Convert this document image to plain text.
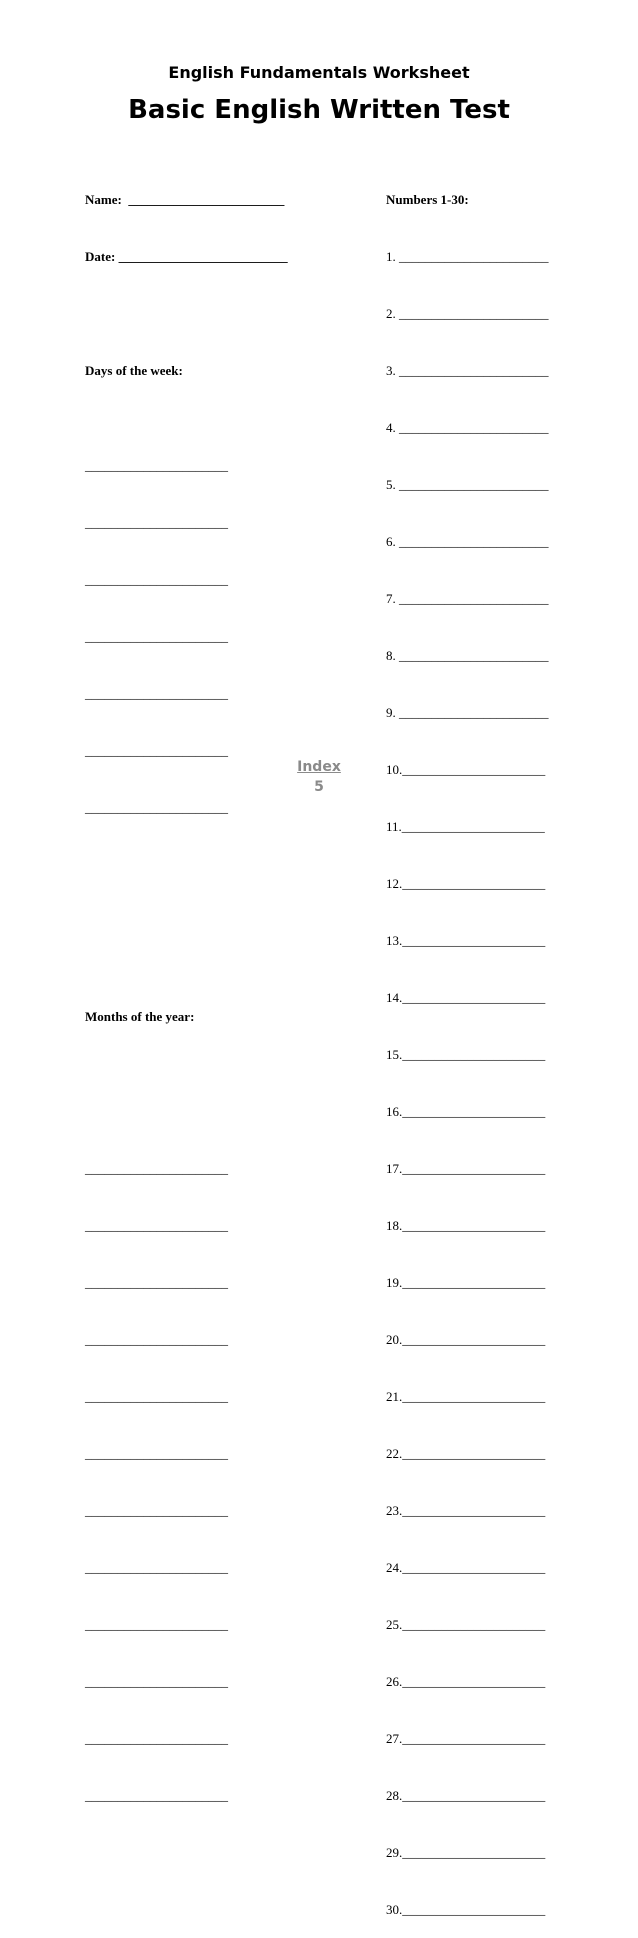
English Fundamentals Worksheet
Basic English Written Test

Name:  ________________________

Date: __________________________

Days of the week:

______________________

______________________

______________________

______________________

______________________

______________________

______________________

Months of the year:

______________________

______________________

______________________

______________________

______________________

______________________

______________________

______________________

______________________

______________________

______________________

______________________

Numbers 1-30:

1. _______________________

2. _______________________

3. _______________________

4. _______________________

5. _______________________

6. _______________________

7. _______________________

8. _______________________

9. _______________________

10.______________________

11.______________________

12.______________________

13.______________________

14.______________________

15.______________________

16.______________________

17.______________________

18.______________________

19.______________________

20.______________________

21.______________________

22.______________________

23.______________________

24.______________________

25.______________________

26.______________________

27.______________________

28.______________________

29.______________________

30.______________________

Index
5
